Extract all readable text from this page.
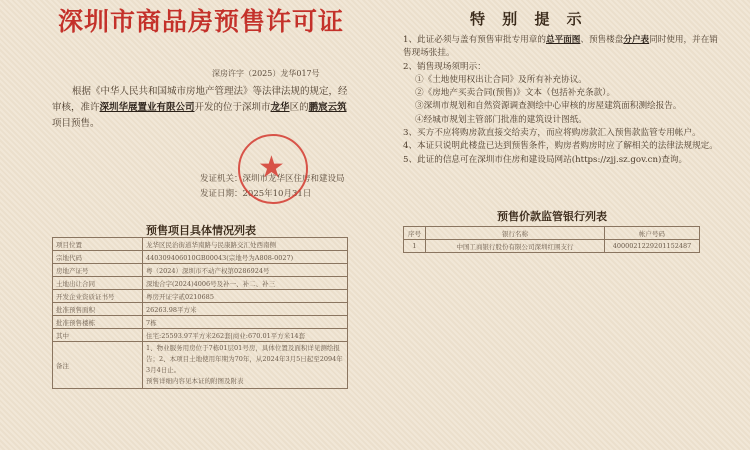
深圳市商品房预售许可证
深房许字（2025）龙华017号
根据《中华人民共和国城市房地产管理法》等法律法规的规定，经审核，准许深圳华展置业有限公司开发的位于深圳市龙华区的鹏宸云筑项目预售。
发证机关：深圳市龙华区住房和建设局
发证日期：2025年10月31日
★
预售项目具体情况列表
项目位置	龙华区民治街道华南路与民康路交汇处西南侧
宗地代码	440309406010GB00043(宗地号为A808-0027)
房地产证号	粤（2024）深圳市不动产权第0286924号
土地出让合同	深地合字(2024)4006号及补一、补二、补三
开发企业资质证书号	粤房开证字贰0210685
批准预售面积	26263.98平方米
批准预售楼栋	7栋
其中	住宅:25593.97平方米262套|商业:670.01平方米14套
备注	1、物业服务用房位于7栋01层01号房，具体位置及面积详见测绘报告；2、本项目土地使用年期为70年，从2024年3月5日起至2094年3月4日止。
预售详细内容见本证的附图及附表
特 别 提 示
1、此证必须与盖有预售审批专用章的总平面图、预售楼盘分户表同时使用，并在销售现场张挂。
2、销售现场须明示：
①《土地使用权出让合同》及所有补充协议。
②《房地产买卖合同(预售)》文本（包括补充条款）。
③深圳市规划和自然资源调查测绘中心审核的房屋建筑面积测绘报告。
④经城市规划主管部门批准的建筑设计图纸。
3、买方不应将购房款直接交给卖方，而应将购房款汇入预售款监管专用帐户。
4、本证只说明此楼盘已达到预售条件，购房者购房时应了解相关的法律法规规定。
5、此证的信息可在深圳市住房和建设局网站(https://zjj.sz.gov.cn)查询。
预售价款监管银行列表
序号	银行名称	帐户号码
1	中国工商银行股份有限公司深圳红围支行	4000021229201152487
